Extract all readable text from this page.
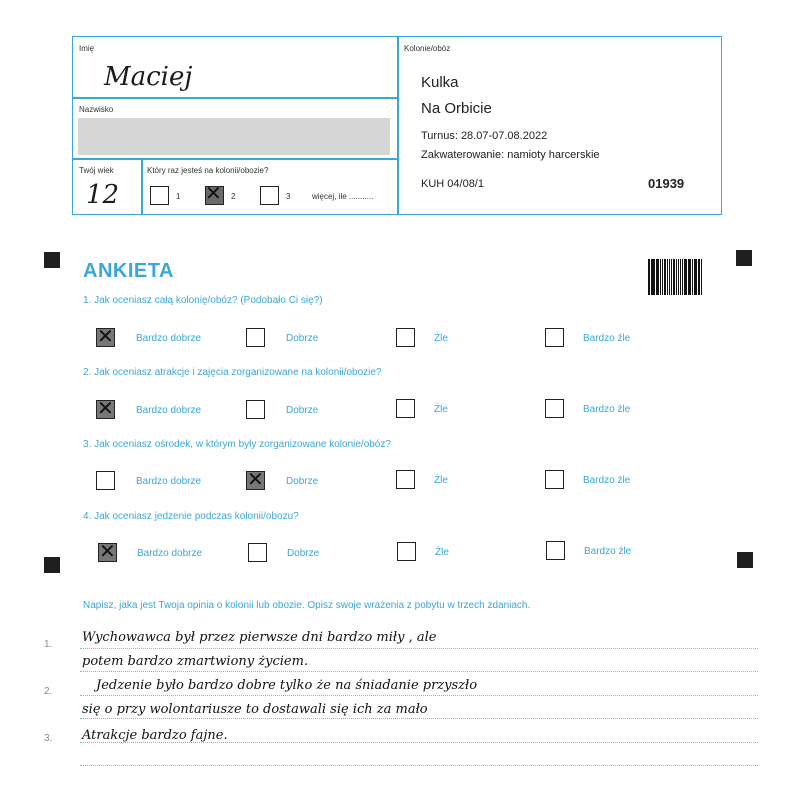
Imię
Maciej
Nazwisko
Twój wiek
12
Który raz jesteś na kolonii/obozie?
1 ✕ 2	3	więcej, ile ...........
Kolonie/obóz
Kulka
Na Orbicie
Turnus: 28.07-07.08.2022
Zakwaterowanie: namioty harcerskie
KUH 04/08/1	01939
ANKIETA
1. Jak oceniasz całą kolonię/obóz? (Podobało Ci się?)
✕
Bardzo dobrze	Dobrze	Źle	Bardzo źle
2. Jak oceniasz atrakcje i zajęcia zorganizowane na kolonii/obozie?
✕
Bardzo dobrze	Dobrze	Źle	Bardzo źle
3. Jak oceniasz ośrodek, w którym były zorganizowane kolonie/obóz?
Bardzo dobrze
✕	Dobrze	Źle	Bardzo źle
4. Jak oceniasz jedzenie podczas kolonii/obozu?
✕
Bardzo dobrze	Dobrze	Źle	Bardzo źle
Napisz, jaka jest Twoja opinia o kolonii lub obozie. Opisz swoje wrażenia z pobytu w trzech zdaniach.
1.
2.
3.
Wychowawca był przez pierwsze dni bardzo miły , ale
potem bardzo zmartwiony życiem.
Jedzenie było bardzo dobre tylko że na śniadanie przyszło
się o przy wolontariusze to dostawali się ich za mało
Atrakcje bardzo fajne.
